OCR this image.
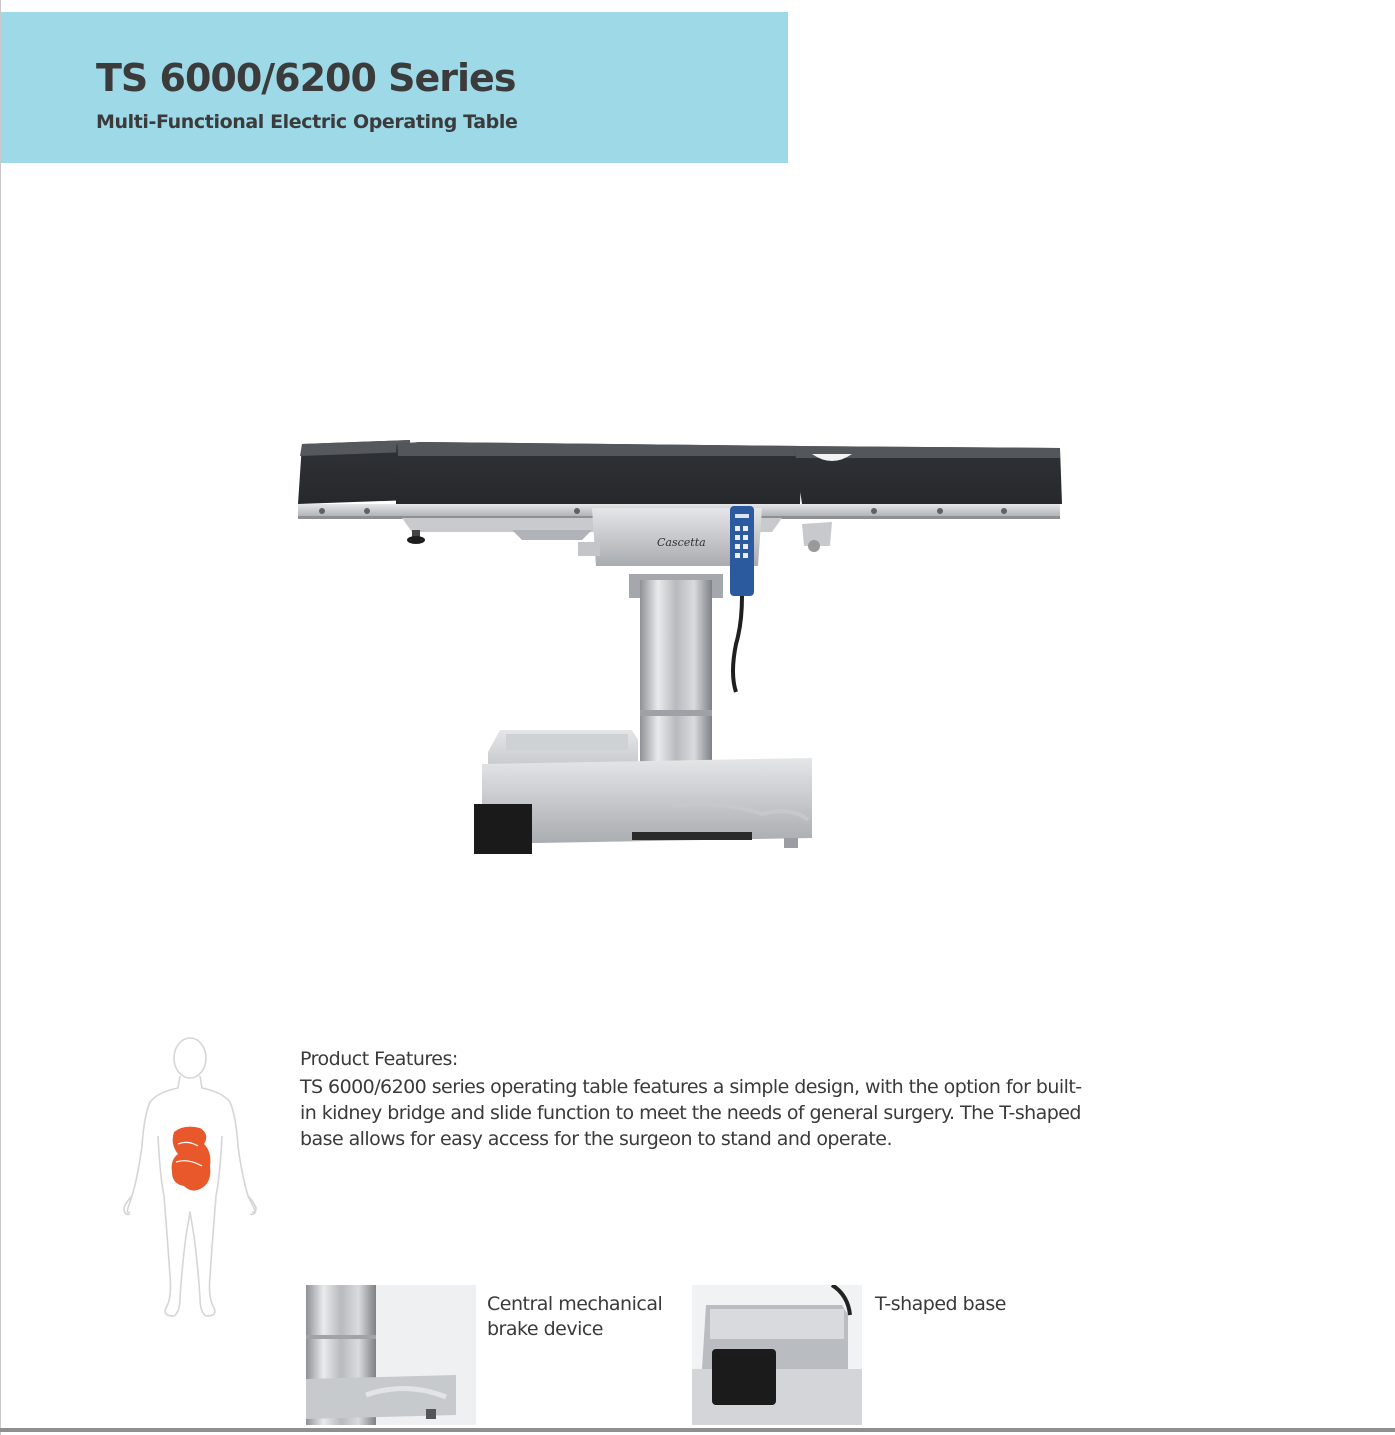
TS 6000/6200 Series

Multi-Functional Electric Operating Table

Cascetta

Product Features:

TS 6000/6200 series operating table features a simple design, with the option for built-in kidney bridge and slide function to meet the needs of general surgery. The T-shaped base allows for easy access for the surgeon to stand and operate.

Central mechanical brake device

T-shaped base
